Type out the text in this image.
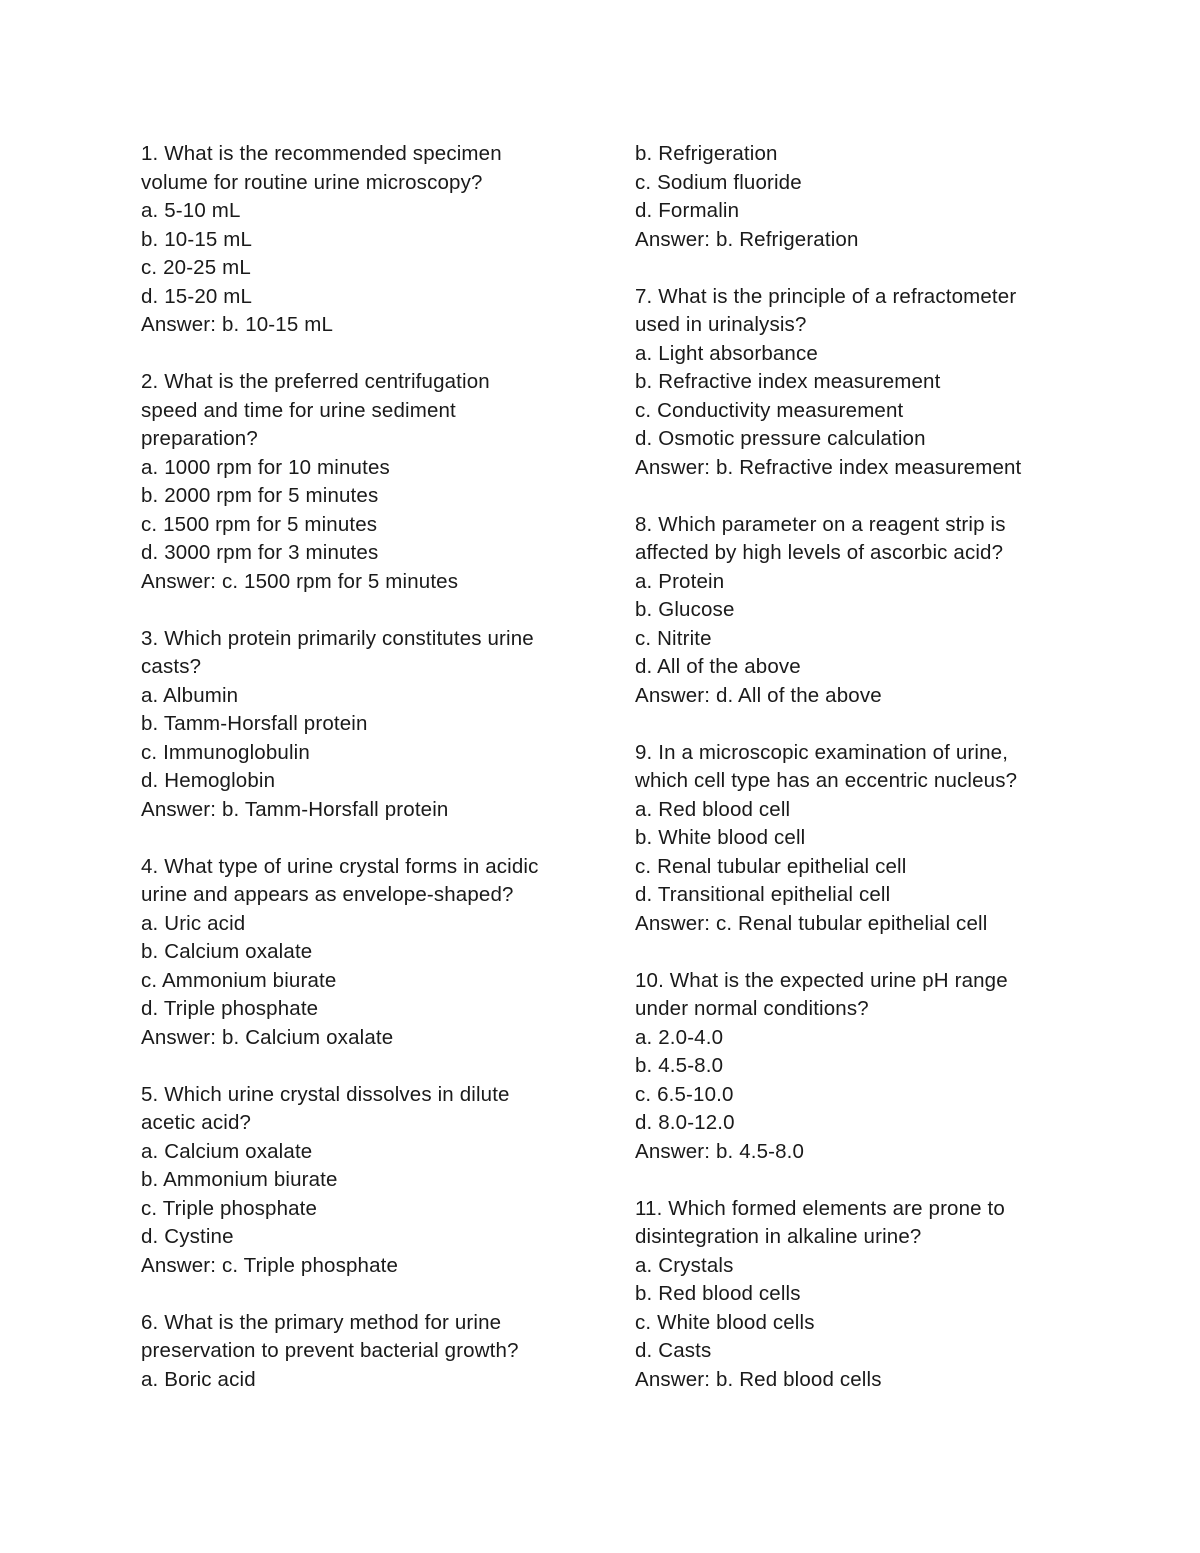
1. What is the recommended specimen
volume for routine urine microscopy?
a. 5-10 mL
b. 10-15 mL
c. 20-25 mL
d. 15-20 mL
Answer: b. 10-15 mL
2. What is the preferred centrifugation
speed and time for urine sediment
preparation?
a. 1000 rpm for 10 minutes
b. 2000 rpm for 5 minutes
c. 1500 rpm for 5 minutes
d. 3000 rpm for 3 minutes
Answer: c. 1500 rpm for 5 minutes
3. Which protein primarily constitutes urine
casts?
a. Albumin
b. Tamm-Horsfall protein
c. Immunoglobulin
d. Hemoglobin
Answer: b. Tamm-Horsfall protein
4. What type of urine crystal forms in acidic
urine and appears as envelope-shaped?
a. Uric acid
b. Calcium oxalate
c. Ammonium biurate
d. Triple phosphate
Answer: b. Calcium oxalate
5. Which urine crystal dissolves in dilute
acetic acid?
a. Calcium oxalate
b. Ammonium biurate
c. Triple phosphate
d. Cystine
Answer: c. Triple phosphate
6. What is the primary method for urine
preservation to prevent bacterial growth?
a. Boric acid
b. Refrigeration
c. Sodium fluoride
d. Formalin
Answer: b. Refrigeration
7. What is the principle of a refractometer
used in urinalysis?
a. Light absorbance
b. Refractive index measurement
c. Conductivity measurement
d. Osmotic pressure calculation
Answer: b. Refractive index measurement
8. Which parameter on a reagent strip is
affected by high levels of ascorbic acid?
a. Protein
b. Glucose
c. Nitrite
d. All of the above
Answer: d. All of the above
9. In a microscopic examination of urine,
which cell type has an eccentric nucleus?
a. Red blood cell
b. White blood cell
c. Renal tubular epithelial cell
d. Transitional epithelial cell
Answer: c. Renal tubular epithelial cell
10. What is the expected urine pH range
under normal conditions?
a. 2.0-4.0
b. 4.5-8.0
c. 6.5-10.0
d. 8.0-12.0
Answer: b. 4.5-8.0
11. Which formed elements are prone to
disintegration in alkaline urine?
a. Crystals
b. Red blood cells
c. White blood cells
d. Casts
Answer: b. Red blood cells
